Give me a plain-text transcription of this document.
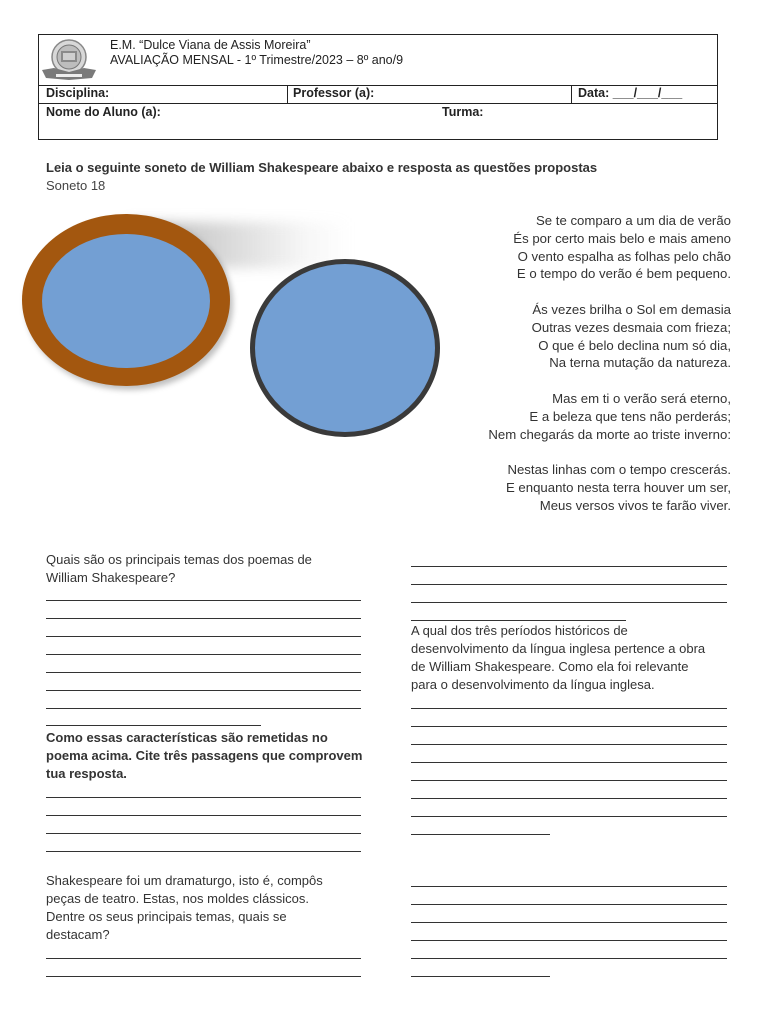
E.M. “Dulce Viana de Assis Moreira”
AVALIAÇÃO MENSAL - 1º Trimestre/2023 – 8º ano/9
Disciplina:	Professor (a):	Data: ___/___/___
Nome do Aluno (a):	Turma:
Leia o seguinte soneto de William Shakespeare abaixo e resposta as questões propostas
Soneto 18
Se te comparo a um dia de verão
És por certo mais belo e mais ameno
O vento espalha as folhas pelo chão
E o tempo do verão é bem pequeno.
Ás vezes brilha o Sol em demasia
Outras vezes desmaia com frieza;
O que é belo declina num só dia,
Na terna mutação da natureza.
Mas em ti o verão será eterno,
E a beleza que tens não perderás;
Nem chegarás da morte ao triste inverno:
Nestas linhas com o tempo crescerás.
E enquanto nesta terra houver um ser,
Meus versos vivos te farão viver.
Quais são os principais temas dos poemas de
William Shakespeare?
Como essas características são remetidas no
poema acima. Cite três passagens que comprovem
tua resposta.
Shakespeare foi um dramaturgo, isto é, compôs
peças de teatro. Estas, nos moldes clássicos.
Dentre os seus principais temas, quais se
destacam?
A qual dos três períodos históricos de
desenvolvimento da língua inglesa pertence a obra
de William Shakespeare. Como ela foi relevante
para o desenvolvimento da língua inglesa.
